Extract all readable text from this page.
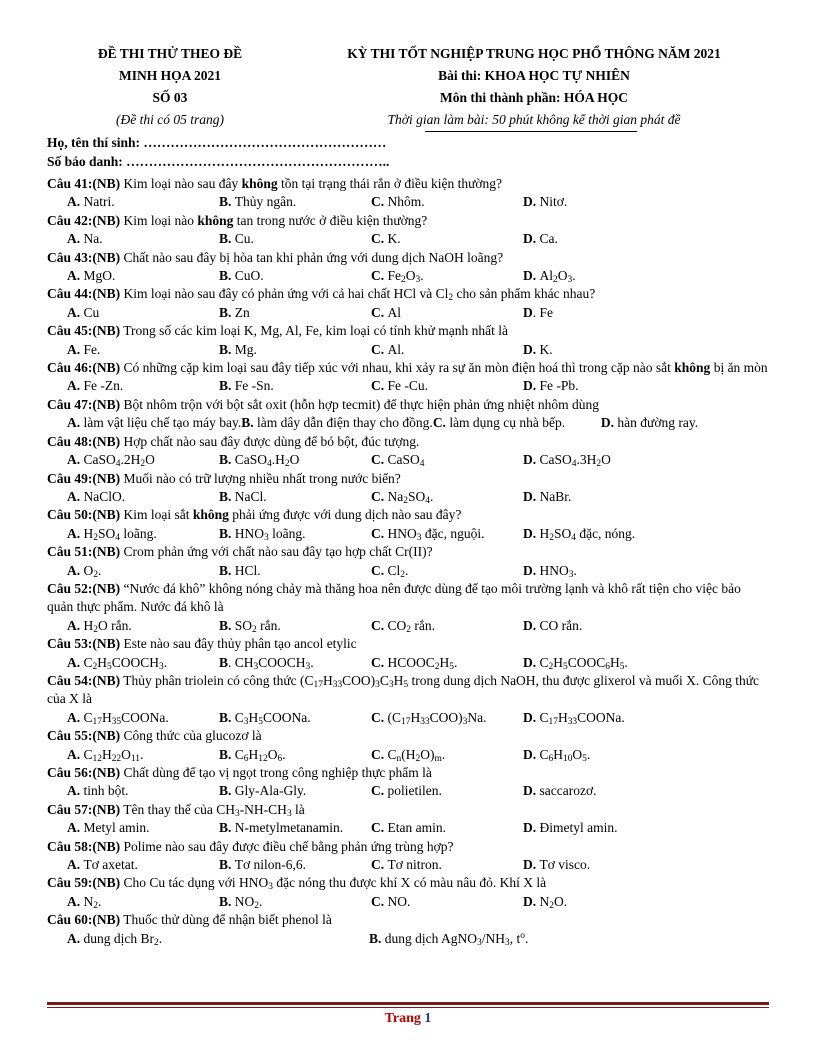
ĐỀ THI THỬ THEO ĐỀ
MINH HỌA 2021
SỐ 03
(Đề thi có 05 trang)
KỲ THI TỐT NGHIỆP TRUNG HỌC PHỔ THÔNG NĂM 2021
Bài thi: KHOA HỌC TỰ NHIÊN
Môn thi thành phần: HÓA HỌC
Thời gian làm bài: 50 phút không kể thời gian phát đề
Họ, tên thí sinh: ………………………………………………
Số báo danh: …………………………………………………..
Câu 41:(NB) Kim loại nào sau đây không tồn tại trạng thái rắn ở điều kiện thường?
A. Natri.	B. Thủy ngân.	C. Nhôm.	D. Nitơ.
Câu 42:(NB) Kim loại nào không tan trong nước ở điều kiện thường?
A. Na.	B. Cu.	C. K.	D. Ca.
Câu 43:(NB) Chất nào sau đây bị hòa tan khi phản ứng với dung dịch NaOH loãng?
A. MgO.	B. CuO.	C. $Fe_2O_3$.	D. $Al_2O_3$.
Câu 44:(NB) Kim loại nào sau đây có phản ứng với cả hai chất HCl và $Cl_2$ cho sản phẩm khác nhau?
A. Cu	B. Zn	C. Al	D. Fe
Câu 45:(NB) Trong số các kim loại K, Mg, Al, Fe, kim loại có tính khử mạnh nhất là
A. Fe.	B. Mg.	C. Al.	D. K.
Câu 46:(NB) Có những cặp kim loại sau đây tiếp xúc với nhau, khi xảy ra sự ăn mòn điện hoá thì trong cặp nào sắt không bị ăn mòn
A. Fe -Zn.	B. Fe -Sn.	C. Fe -Cu.	D. Fe -Pb.
Câu 47:(NB) Bột nhôm trộn với bột sắt oxit (hỗn hợp tecmit) để thực hiện phản ứng nhiệt nhôm dùng
A. làm vật liệu chế tạo máy bay. B. làm dây dẫn điện thay cho đồng. C. làm dụng cụ nhà bếp.	D. hàn đường ray.
Câu 48:(NB) Hợp chất nào sau đây được dùng để bó bột, đúc tượng.
A. $CaSO_4.2H_2O$	B. $CaSO_4.H_2O$	C. CaSO$_4$	D. $CaSO_4.3H_2O$
Câu 49:(NB) Muối nào có trữ lượng nhiều nhất trong nước biển?
A. NaClO.	B. NaCl.	C. $Na_2SO_4$.	D. NaBr.
Câu 50:(NB) Kim loại sắt không phải ứng được với dung dịch nào sau đây?
A. $H_2SO_4$ loãng.	B. $HNO_3$ loãng.	C. $HNO_3$ đặc, nguội.	D. $H_2SO_4$ đặc, nóng.
Câu 51:(NB) Crom phản ứng với chất nào sau đây tạo hợp chất Cr(II)?
A. $O_2$.	B. HCl.	C. $Cl_2$.	D. $HNO_3$.
Câu 52:(NB) “Nước đá khô” không nóng chảy mà thăng hoa nên được dùng để tạo môi trường lạnh và khô rất tiện cho việc bảo quản thực phẩm. Nước đá khô là
A. $H_2O$ rắn.	B. $SO_2$ rắn.	C. $CO_2$ rắn.	D. CO rắn.
Câu 53:(NB) Este nào sau đây thủy phân tạo ancol etylic
A. $C_2H_5COOCH_3$.	B. $CH_3COOCH_3$.	C. $HCOOC_2H_5$.	D. $C_2H_5COOC_6H_5$.
Câu 54:(NB) Thủy phân triolein có công thức $(C_{17}H_{33}COO)_3C_3H_5$ trong dung dịch NaOH, thu được glixerol và muối X. Công thức của X là
A. $C_{17}H_{35}COONa$.	B. $C_3H_5COONa$.	C. $(C_{17}H_{33}COO)_3Na$.	D. $C_{17}H_{33}COONa$.
Câu 55:(NB) Công thức của glucozơ là
A. $C_{12}H_{22}O_{11}$.	B. $C_6H_{12}O_6$.	C. $C_n(H_2O)_m$.	D. $C_6H_{10}O_5$.
Câu 56:(NB) Chất dùng để tạo vị ngọt trong công nghiệp thực phẩm là
A. tinh bột.	B. Gly-Ala-Gly.	C. polietilen.	D. saccarozơ.
Câu 57:(NB) Tên thay thế của $CH_3-NH-CH_3$ là
A. Metyl amin.	B. N-metylmetanamin.	C. Etan amin.	D. Đimetyl amin.
Câu 58:(NB) Polime nào sau đây được điều chế bằng phản ứng trùng hợp?
A. Tơ axetat.	B. Tơ nilon-6,6.	C. Tơ nitron.	D. Tơ visco.
Câu 59:(NB) Cho Cu tác dụng với $HNO_3$ đặc nóng thu được khí X có màu nâu đỏ. Khí X là
A. $N_2$.	B. $NO_2$.	C. NO.	D. $N_2O$.
Câu 60:(NB) Thuốc thử dùng để nhận biết phenol là
A. dung dịch $Br_2$.	B. dung dịch $AgNO_3/NH_3$, $t^o$.
Trang 1
